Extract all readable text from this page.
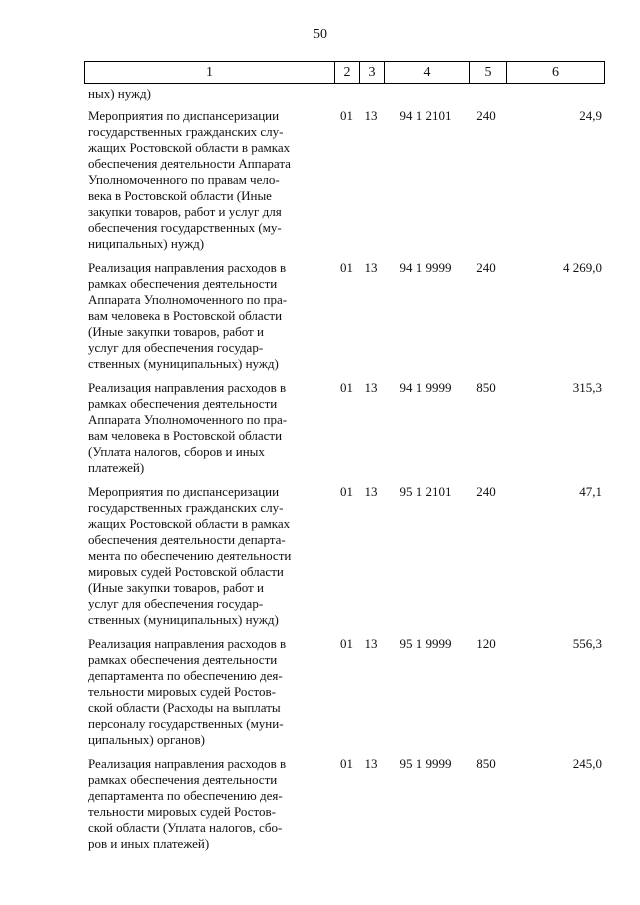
50
1	2	3	4	5	6
ных) нужд)
Мероприятия по диспансеризации
государственных гражданских слу-
жащих Ростовской области в рамках
обеспечения деятельности Аппарата
Уполномоченного по правам чело-
века в Ростовской области (Иные
закупки товаров, работ и услуг для
обеспечения государственных (му-
ниципальных) нужд)
01 13	94 1 2101	240	24,9
Реализация направления расходов в
рамках обеспечения деятельности
Аппарата Уполномоченного по пра-
вам человека в Ростовской области
(Иные закупки товаров, работ и
услуг для обеспечения государ-
ственных (муниципальных) нужд)
01 13	94 1 9999	240	4 269,0
Реализация направления расходов в
рамках обеспечения деятельности
Аппарата Уполномоченного по пра-
вам человека в Ростовской области
(Уплата налогов, сборов и иных
платежей)
01 13	94 1 9999	850	315,3
Мероприятия по диспансеризации
государственных гражданских слу-
жащих Ростовской области в рамках
обеспечения деятельности департа-
мента по обеспечению деятельности
мировых судей Ростовской области
(Иные закупки товаров, работ и
услуг для обеспечения государ-
ственных (муниципальных) нужд)
01 13	95 1 2101	240	47,1
Реализация направления расходов в
рамках обеспечения деятельности
департамента по обеспечению дея-
тельности мировых судей Ростов-
ской области (Расходы на выплаты
персоналу государственных (муни-
ципальных) органов)
01 13	95 1 9999	120	556,3
Реализация направления расходов в
рамках обеспечения деятельности
департамента по обеспечению дея-
тельности мировых судей Ростов-
ской области (Уплата налогов, сбо-
ров и иных платежей)
01 13	95 1 9999	850	245,0
